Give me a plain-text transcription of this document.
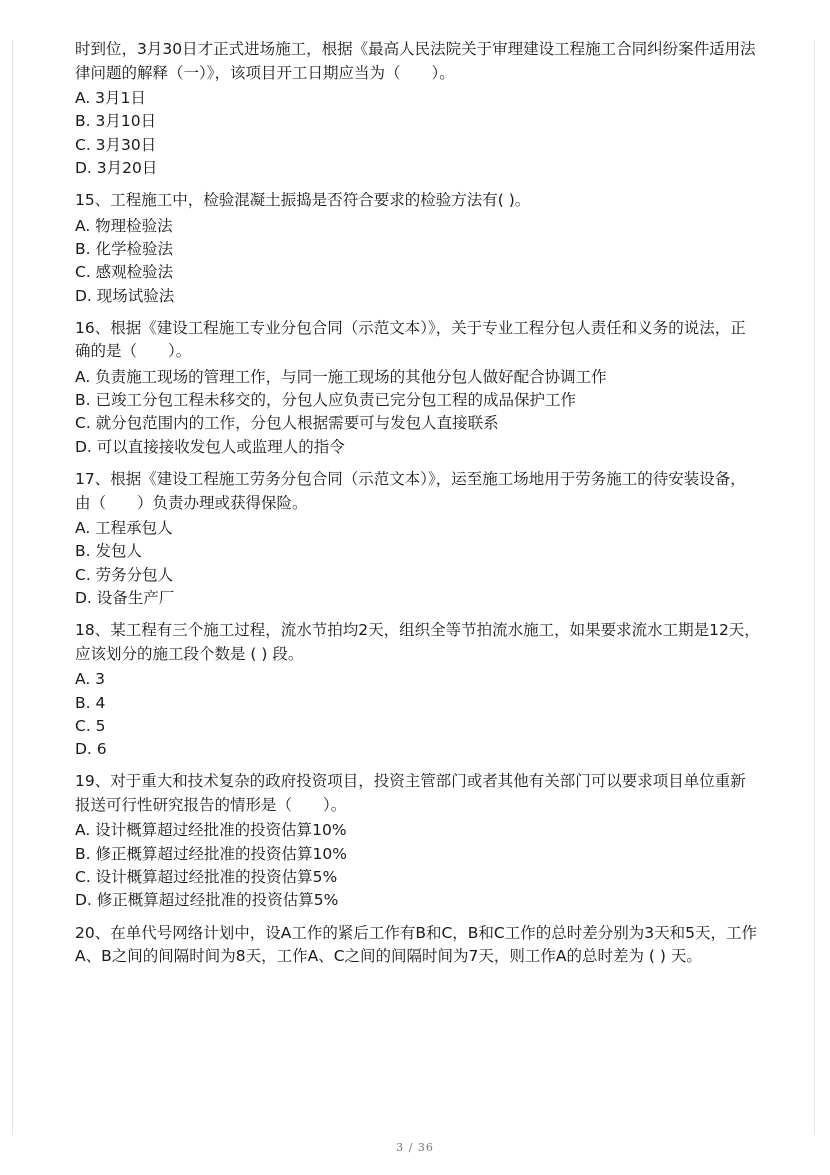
时到位，3月30日才正式进场施工，根据《最高人民法院关于审理建设工程施工合同纠纷案件适用法律问题的解释（一）》，该项目开工日期应当为（　　）。

A. 3月1日

B. 3月10日

C. 3月30日

D. 3月20日

15、工程施工中，检验混凝土振捣是否符合要求的检验方法有( )。

A. 物理检验法

B. 化学检验法

C. 感观检验法

D. 现场试验法

16、根据《建设工程施工专业分包合同（示范文本）》，关于专业工程分包人责任和义务的说法，正确的是（　　）。

A. 负责施工现场的管理工作，与同一施工现场的其他分包人做好配合协调工作

B. 已竣工分包工程未移交的，分包人应负责已完分包工程的成品保护工作

C. 就分包范围内的工作，分包人根据需要可与发包人直接联系

D. 可以直接接收发包人或监理人的指令

17、根据《建设工程施工劳务分包合同（示范文本）》，运至施工场地用于劳务施工的待安装设备，由（　　）负责办理或获得保险。

A. 工程承包人

B. 发包人

C. 劳务分包人

D. 设备生产厂

18、某工程有三个施工过程，流水节拍均2天，组织全等节拍流水施工，如果要求流水工期是12天，应该划分的施工段个数是 ( ) 段。

A. 3

B. 4

C. 5

D. 6

19、对于重大和技术复杂的政府投资项目，投资主管部门或者其他有关部门可以要求项目单位重新报送可行性研究报告的情形是（　　）。

A. 设计概算超过经批准的投资估算10%

B. 修正概算超过经批准的投资估算10%

C. 设计概算超过经批准的投资估算5%

D. 修正概算超过经批准的投资估算5%

20、在单代号网络计划中，设A工作的紧后工作有B和C，B和C工作的总时差分别为3天和5天，工作A、B之间的间隔时间为8天，工作A、C之间的间隔时间为7天，则工作A的总时差为 ( ) 天。

3 / 36
